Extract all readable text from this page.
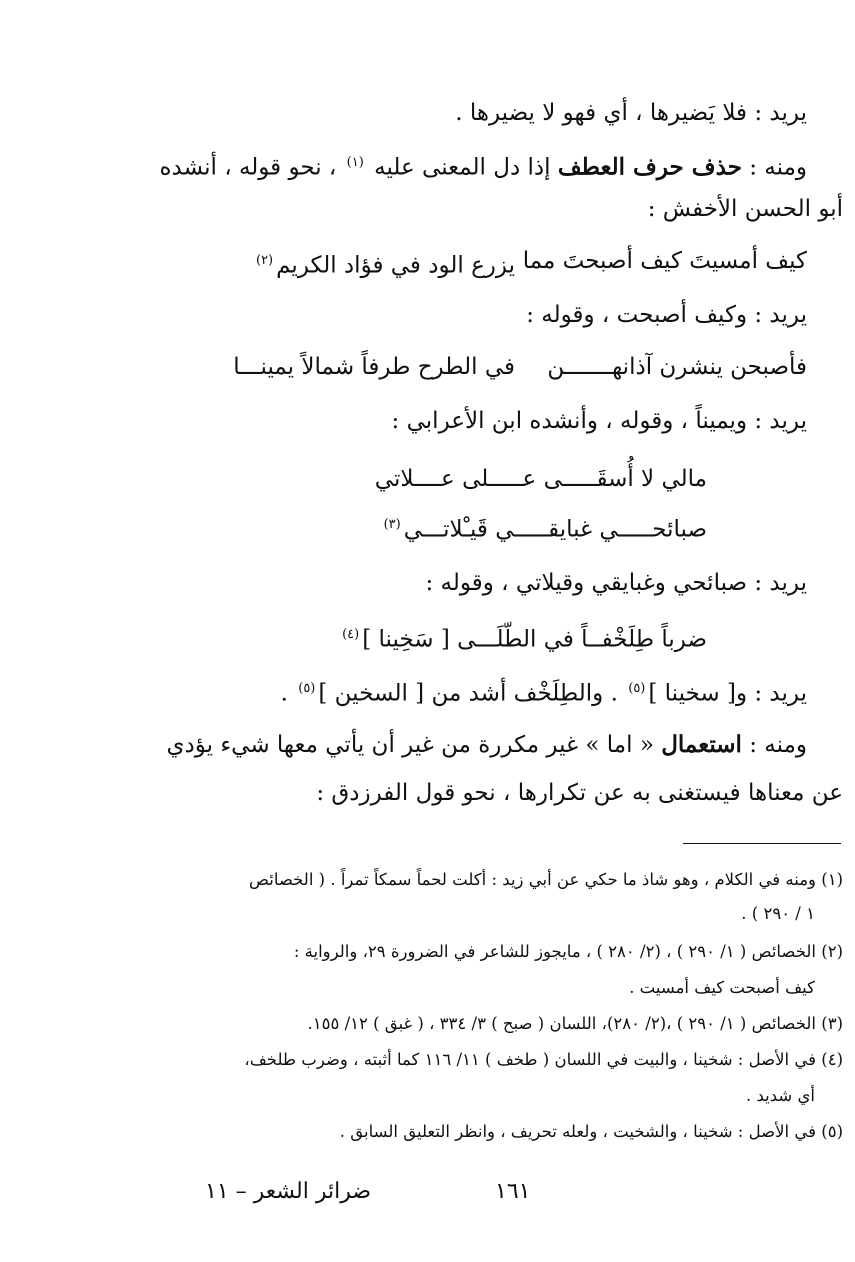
يريد : فلا يَضيرها ، أي فهو لا يضيرها .
ومنه : حذف حرف العطف إذا دل المعنى عليه $^{(١)}$ ، نحو قوله ، أنشده
أبو الحسن الأخفش :
كيف أمسيتَ كيف أصبحتَ مما
يزرع الود في فؤاد الكريم$^{(٢)}$
يريد : وكيف أصبحت ، وقوله :
فأصبحن ينشرن آذانهـــــــن
في الطرح طرفاً شمالاً يمينـــا
يريد : ويميناً ، وقوله ، وأنشده ابن الأعرابي :
مالي لا أُسقَـــــى عـــــلى عــــلاتي
صبائحـــــي غبايقـــــي قَيـْلاتـــي$^{(٣)}$
يريد : صبائحي وغبايقي وقيلاتي ، وقوله :
ضرباً طِلَخْفــاً في الطّلَـــى [ سَخِينا ]$^{(٤)}$
يريد : و[ سخينا ]$^{(٥)}$ . والطِلَخْف أشد من [ السخين ]$^{(٥)}$ .
ومنه : استعمال « اما » غير مكررة من غير أن يأتي معها شيء يؤدي
عن معناها فيستغنى به عن تكرارها ، نحو قول الفرزدق :
(١) ومنه في الكلام ، وهو شاذ ما حكي عن أبي زيد : أكلت لحماً سمكاً تمراً . ( الخصائص
١ / ٢٩٠ ) .
(٢) الخصائص ( ١/ ٢٩٠ ) ، (٢/ ٢٨٠ ) ، مايجوز للشاعر في الضرورة ٢٩، والرواية :
كيف أصبحت كيف أمسيت .
(٣) الخصائص ( ١/ ٢٩٠ ) ،(٢/ ٢٨٠)، اللسان ( صبح ) ٣/ ٣٣٤ ، ( غبق ) ١٢/ ١٥٥.
(٤) في الأصل : شخينا ، والبيت في اللسان ( طخف ) ١١/ ١١٦ كما أثبته ، وضرب طلخف،
أي شديد .
(٥) في الأصل : شخينا ، والشخيت ، ولعله تحريف ، وانظر التعليق السابق .
١٦١
ضرائر الشعر – ١١
